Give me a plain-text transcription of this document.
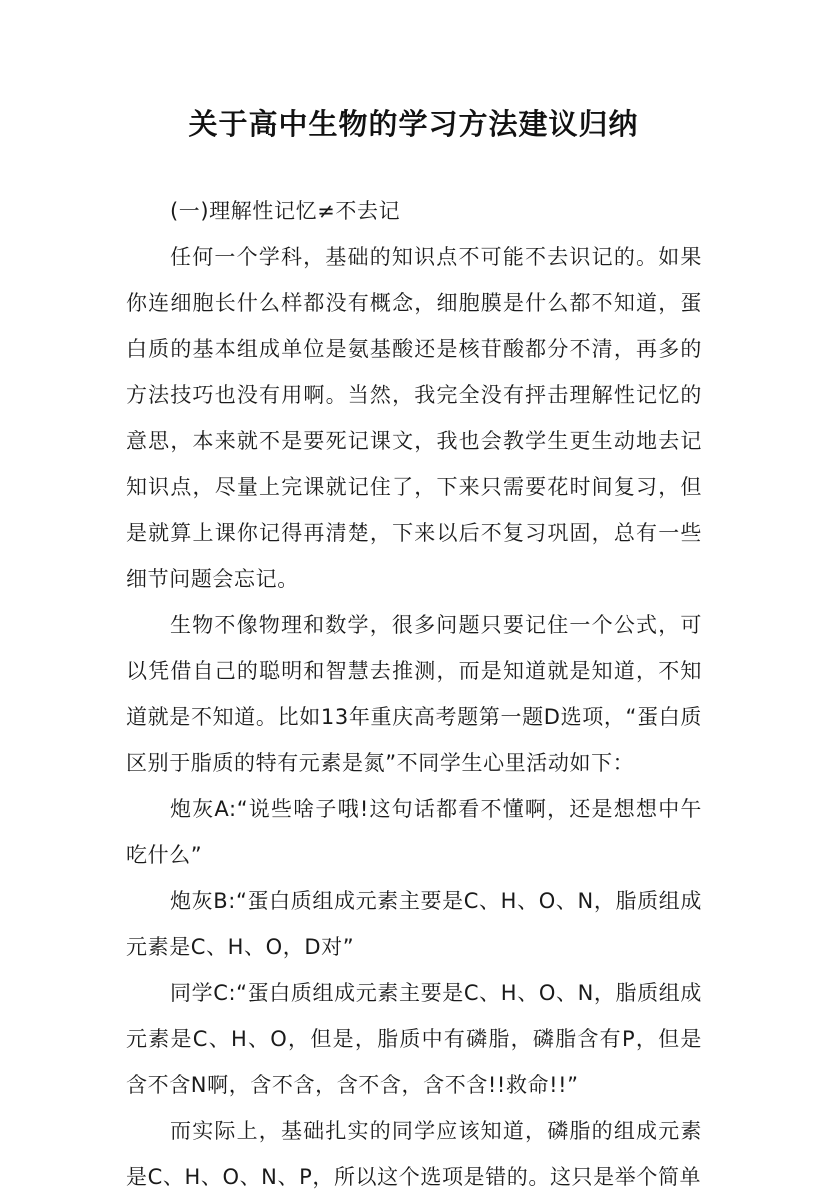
关于高中生物的学习方法建议归纳

(一)理解性记忆≠不去记

任何一个学科，基础的知识点不可能不去识记的。如果你连细胞长什么样都没有概念，细胞膜是什么都不知道，蛋白质的基本组成单位是氨基酸还是核苷酸都分不清，再多的方法技巧也没有用啊。当然，我完全没有抨击理解性记忆的意思，本来就不是要死记课文，我也会教学生更生动地去记知识点，尽量上完课就记住了，下来只需要花时间复习，但是就算上课你记得再清楚，下来以后不复习巩固，总有一些细节问题会忘记。

生物不像物理和数学，很多问题只要记住一个公式，可以凭借自己的聪明和智慧去推测，而是知道就是知道，不知道就是不知道。比如13年重庆高考题第一题D选项，“蛋白质区别于脂质的特有元素是氮”不同学生心里活动如下：

炮灰A:“说些啥子哦!这句话都看不懂啊，还是想想中午吃什么”

炮灰B:“蛋白质组成元素主要是C、H、O、N，脂质组成元素是C、H、O，D对”

同学C:“蛋白质组成元素主要是C、H、O、N，脂质组成元素是C、H、O，但是，脂质中有磷脂，磷脂含有P，但是含不含N啊，含不含，含不含，含不含!!救命!!”

而实际上，基础扎实的同学应该知道，磷脂的组成元素是C、H、O、N、P，所以这个选项是错的。这只是举个简单
